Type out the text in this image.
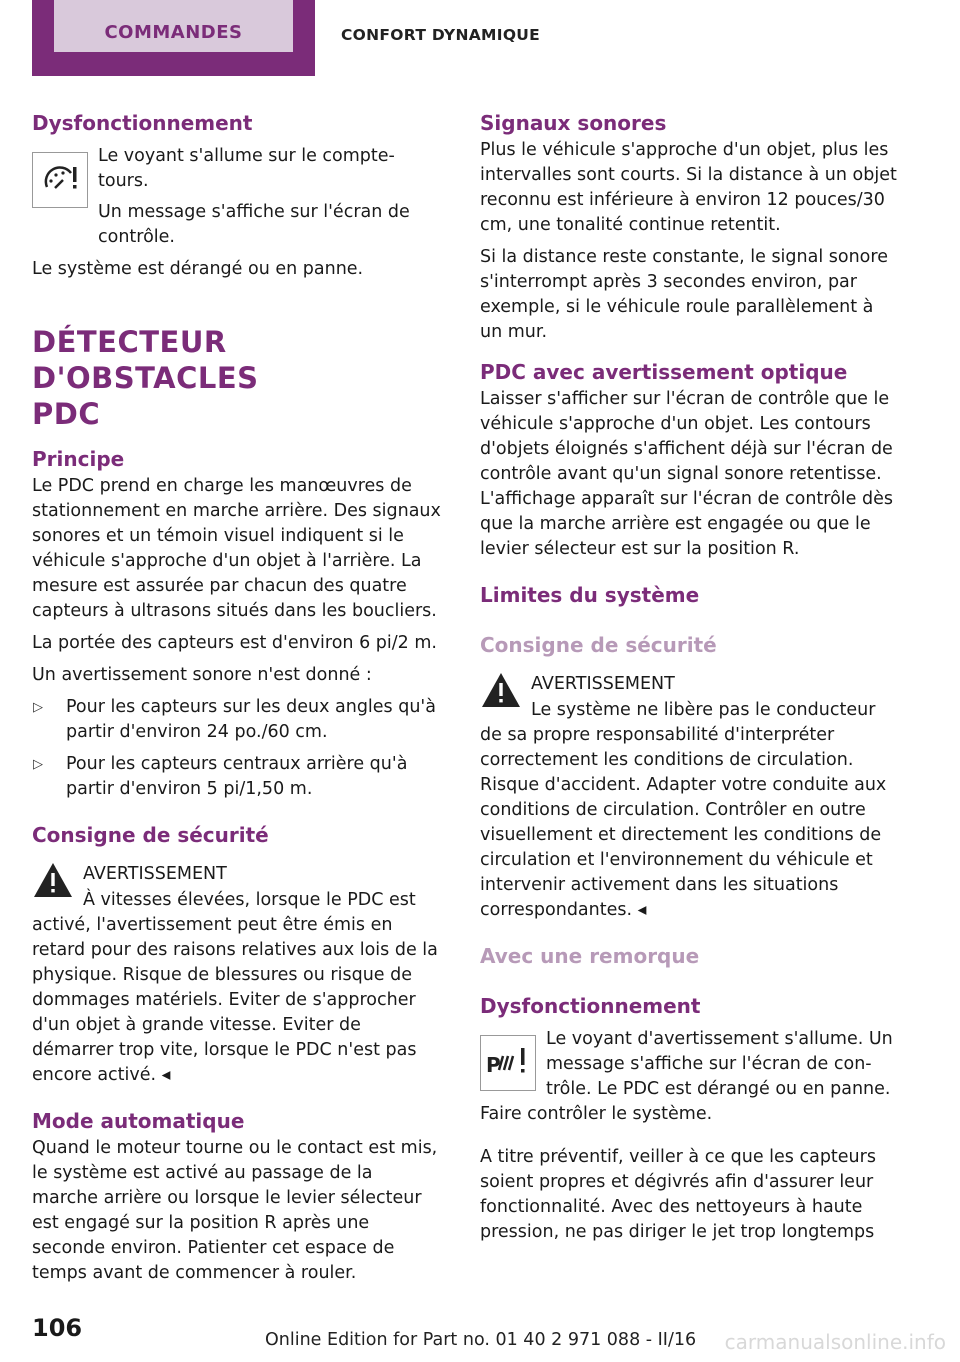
COMMANDES	CONFORT DYNAMIQUE
Dysfonctionnement

Le voyant s'allume sur le compte-tours.

Un message s'affiche sur l'écran de contrôle.

Le système est dérangé ou en panne.

DÉTECTEUR D'OBSTACLES
PDC
Principe

Le PDC prend en charge les manœuvres de stationnement en marche arrière. Des signaux sonores et un témoin visuel indiquent si le véhicule s'approche d'un objet à l'arrière. La mesure est assurée par chacun des quatre capteurs à ultrasons situés dans les boucliers.

La portée des capteurs est d'environ 6 pi/2 m.

Un avertissement sonore n'est donné :

▷ Pour les capteurs sur les deux angles qu'à partir d'environ 24 po./60 cm.
▷ Pour les capteurs centraux arrière qu'à partir d'environ 5 pi/1,50 m.
Consigne de sécurité
AVERTISSEMENT

À vitesses élevées, lorsque le PDC est activé, l'avertissement peut être émis en retard pour des raisons relatives aux lois de la physique. Risque de blessures ou risque de dommages matériels. Eviter de s'approcher d'un objet à grande vitesse. Eviter de démarrer trop vite, lorsque le PDC n'est pas encore activé. ◂

Mode automatique

Quand le moteur tourne ou le contact est mis, le système est activé au passage de la marche arrière ou lorsque le levier sélecteur est engagé sur la position R après une seconde environ. Patienter cet espace de temps avant de commencer à rouler.

Signaux sonores

Plus le véhicule s'approche d'un objet, plus les intervalles sont courts. Si la distance à un objet reconnu est inférieure à environ 12 pouces/30 cm, une tonalité continue retentit.

Si la distance reste constante, le signal sonore s'interrompt après 3 secondes environ, par exemple, si le véhicule roule parallèlement à un mur.

PDC avec avertissement optique

Laisser s'afficher sur l'écran de contrôle que le véhicule s'approche d'un objet. Les contours d'objets éloignés s'affichent déjà sur l'écran de contrôle avant qu'un signal sonore retentisse. L'affichage apparaît sur l'écran de contrôle dès que la marche arrière est engagée ou que le levier sélecteur est sur la position R.

Limites du système
Consigne de sécurité
AVERTISSEMENT

Le système ne libère pas le conducteur de sa propre responsabilité d'interpréter correctement les conditions de circulation. Risque d'accident. Adapter votre conduite aux conditions de circulation. Contrôler en outre visuellement et directement les conditions de circulation et l'environnement du véhicule et intervenir activement dans les situations correspondantes. ◂

Avec une remorque
Dysfonctionnement
P

Le voyant d'avertissement s'allume. Un message s'affiche sur l'écran de contrôle. Le PDC est dérangé ou en panne.

Faire contrôler le système.

A titre préventif, veiller à ce que les capteurs soient propres et dégivrés afin d'assurer leur fonctionnalité. Avec des nettoyeurs à haute pression, ne pas diriger le jet trop longtemps

106	Online Edition for Part no. 01 40 2 971 088 - II/16 carmanualsonline.info
